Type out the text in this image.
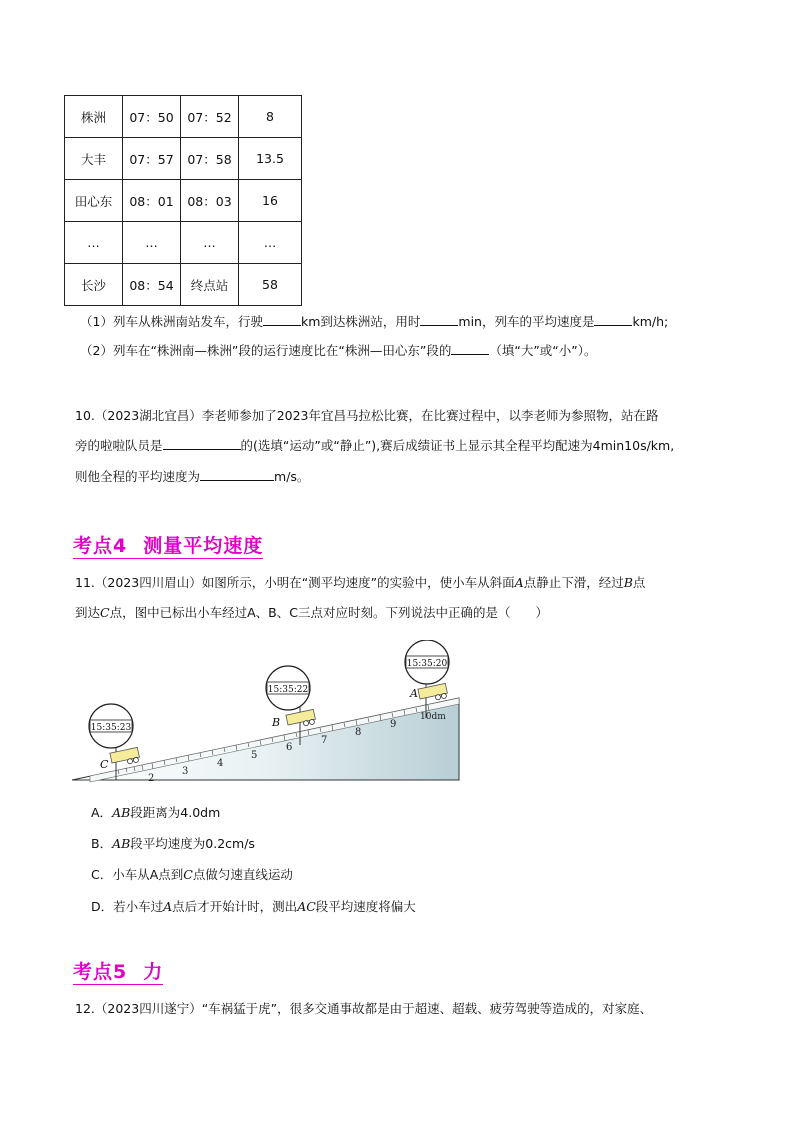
株洲	07：50	07：52	8
大丰	07：57	07：58	13.5
田心东	08：01	08：03	16
…	…	…	…
长沙	08：54	终点站	58
（1）列车从株洲南站发车，行驶	km到达株洲站，用时	min，列车的平均速度是	km/h;
（2）列车在“株洲南—株洲”段的运行速度比在“株洲—田心东”段的	（填“大”或“小”）。
10.（2023湖北宜昌）李老师参加了2023年宜昌马拉松比赛，在比赛过程中，以李老师为参照物，站在路
旁的啦啦队员是	的(选填“运动”或“静止”),赛后成绩证书上显示其全程平均配速为4min10s/km,
则他全程的平均速度为	m/s。
考点4 测量平均速度
11.（2023四川眉山）如图所示，小明在“测平均速度”的实验中，使小车从斜面A点静止下滑，经过B点
到达C点，图中已标出小车经过A、B、C三点对应时刻。下列说法中正确的是（　　）
2
3
4
5
6
7
8
9
10dm
C
B
A
15:35:23
15:35:22
15:35:20
A．AB段距离为4.0dm
B．AB段平均速度为0.2cm/s
C．小车从A点到C点做匀速直线运动
D．若小车过A点后才开始计时，测出AC段平均速度将偏大
考点5 力
12.（2023四川遂宁）“车祸猛于虎”，很多交通事故都是由于超速、超载、疲劳驾驶等造成的，对家庭、
